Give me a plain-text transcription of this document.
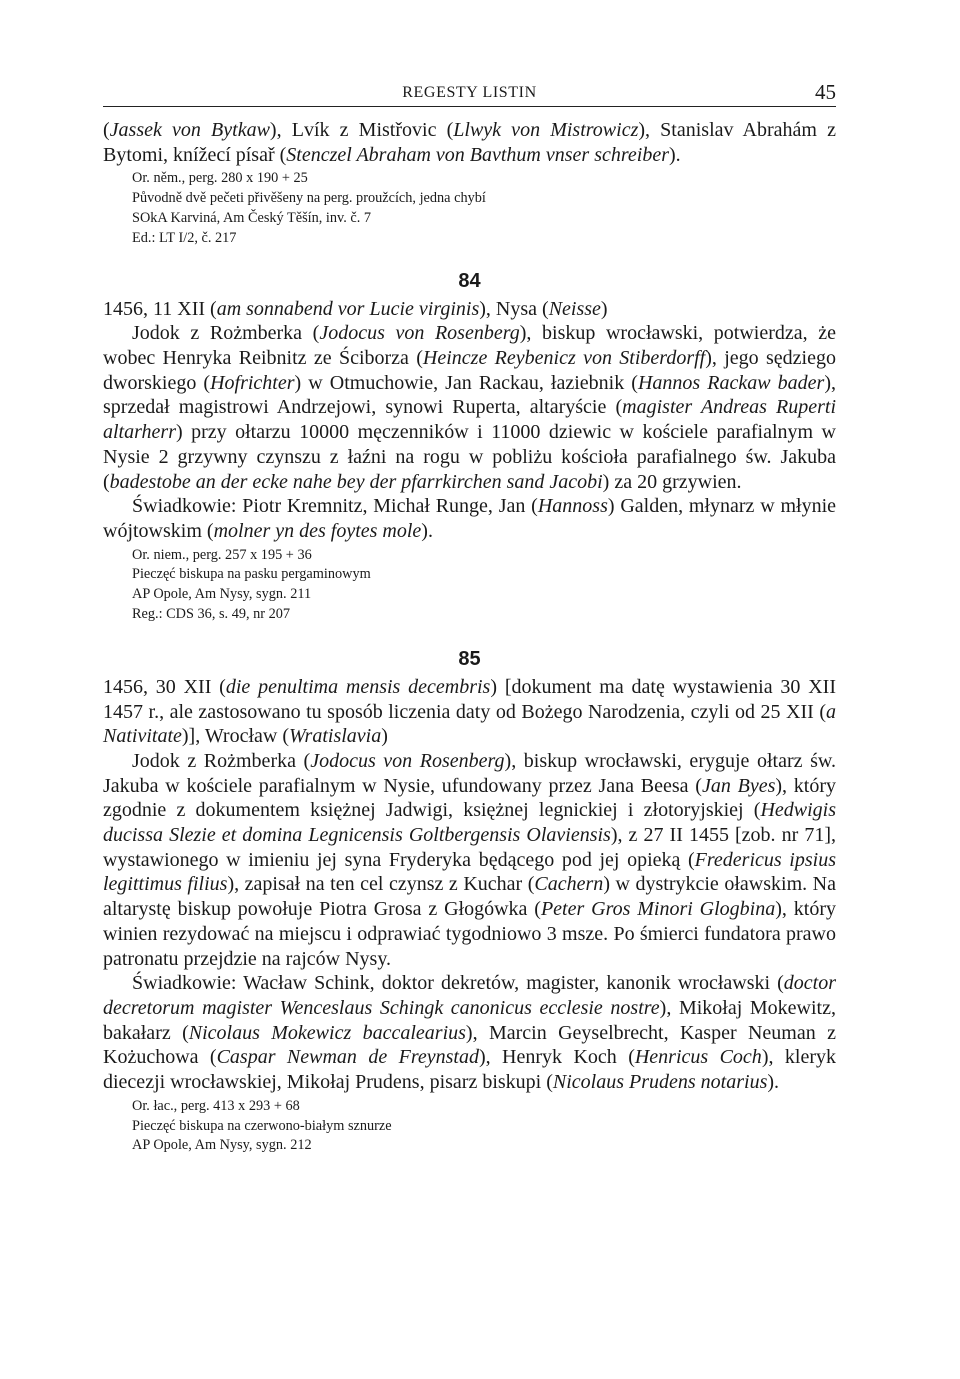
REGESTY LISTIN	45

(Jassek von Bytkaw), Lvík z Mistřovic (Llwyk von Mistrowicz), Stanislav Abrahám z Bytomi, knížecí písař (Stenczel Abraham von Bavthum vnser schreiber).

Or. něm., perg. 280 x 190 + 25

Původně dvě pečeti přivěšeny na perg. proužcích, jedna chybí

SOkA Karviná, Am Český Těšín, inv. č. 7

Ed.: LT I/2, č. 217

84

1456, 11 XII (am sonnabend vor Lucie virginis), Nysa (Neisse)

Jodok z Rożmberka (Jodocus von Rosenberg), biskup wrocławski, potwierdza, że wobec Henryka Reibnitz ze Ściborza (Heincze Reybenicz von Stiberdorff), jego sędziego dworskiego (Hofrichter) w Otmuchowie, Jan Rackau, łaziebnik (Hannos Rackaw bader), sprzedał magistrowi Andrzejowi, synowi Ruperta, altaryście (magister Andreas Ruperti altarherr) przy ołtarzu 10000 męczenników i 11000 dziewic w kościele parafialnym w Nysie 2 grzywny czynszu z łaźni na rogu w pobliżu kościoła parafialnego św. Jakuba (badestobe an der ecke nahe bey der pfarrkirchen sand Jacobi) za 20 grzywien.

Świadkowie: Piotr Kremnitz, Michał Runge, Jan (Hannoss) Galden, młynarz w młynie wójtowskim (molner yn des foytes mole).

Or. niem., perg. 257 x 195 + 36

Pieczęć biskupa na pasku pergaminowym

AP Opole, Am Nysy, sygn. 211

Reg.: CDS 36, s. 49, nr 207

85

1456, 30 XII (die penultima mensis decembris) [dokument ma datę wystawienia 30 XII 1457 r., ale zastosowano tu sposób liczenia daty od Bożego Narodzenia, czyli od 25 XII (a Nativitate)], Wrocław (Wratislavia)

Jodok z Rożmberka (Jodocus von Rosenberg), biskup wrocławski, eryguje ołtarz św. Jakuba w kościele parafialnym w Nysie, ufundowany przez Jana Beesa (Jan Byes), który zgodnie z dokumentem księżnej Jadwigi, księżnej legnickiej i złotoryjskiej (Hedwigis ducissa Slezie et domina Legnicensis Goltbergensis Olaviensis), z 27 II 1455 [zob. nr 71], wystawionego w imieniu jej syna Fryderyka będącego pod jej opieką (Fredericus ipsius legittimus filius), zapisał na ten cel czynsz z Kuchar (Cachern) w dystrykcie oławskim. Na altarystę biskup powołuje Piotra Grosa z Głogówka (Peter Gros Minori Glogbina), który winien rezydować na miejscu i odprawiać tygodniowo 3 msze. Po śmierci fundatora prawo patronatu przejdzie na rajców Nysy.

Świadkowie: Wacław Schink, doktor dekretów, magister, kanonik wrocławski (doctor decretorum magister Wenceslaus Schingk canonicus ecclesie nostre), Mikołaj Mokewitz, bakałarz (Nicolaus Mokewicz baccalearius), Marcin Geyselbrecht, Kasper Neuman z Kożuchowa (Caspar Newman de Freynstad), Henryk Koch (Henricus Coch), kleryk diecezji wrocławskiej, Mikołaj Prudens, pisarz biskupi (Nicolaus Prudens notarius).

Or. łac., perg. 413 x 293 + 68

Pieczęć biskupa na czerwono-białym sznurze

AP Opole, Am Nysy, sygn. 212
